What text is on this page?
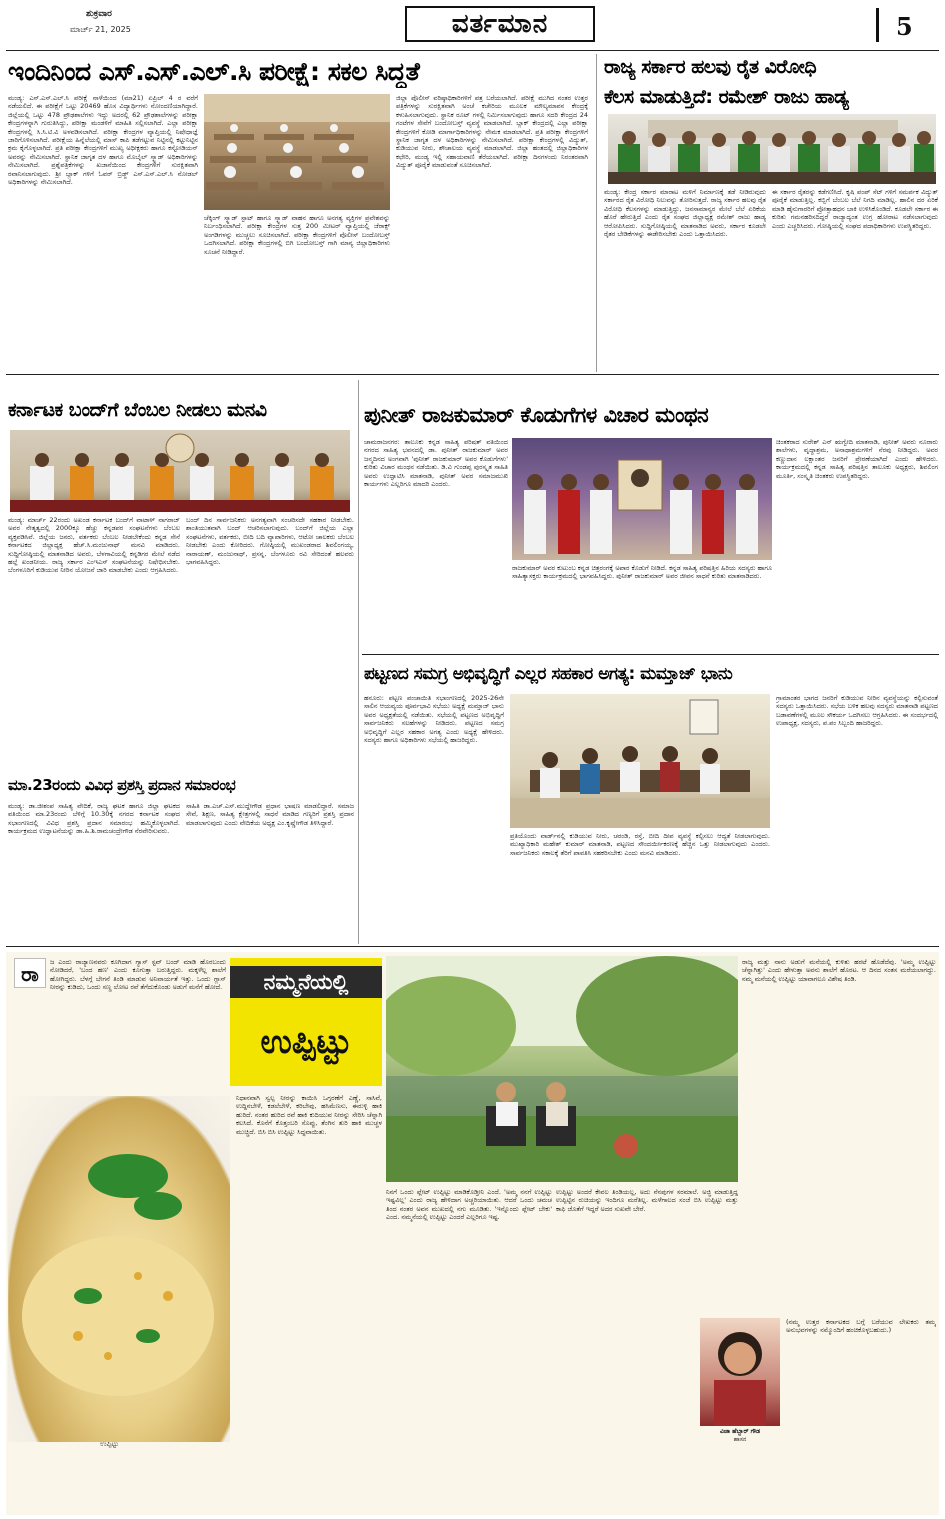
ಶುಕ್ರವಾರ
ಮಾರ್ಚ್ 21, 2025	ವರ್ತಮಾನ	5
ಇಂದಿನಿಂದ ಎಸ್.ಎಸ್.ಎಲ್.ಸಿ ಪರೀಕ್ಷೆ: ಸಕಲ ಸಿದ್ಧತೆ
ಮಂಡ್ಯ: ಎಸ್.ಎಸ್.ಎಲ್.ಸಿ ಪರೀಕ್ಷೆ ನಾಳೆಯಿಂದ (ಮಾ21) ಏಪ್ರಿಲ್ 4 ರ ವರೆಗೆ ನಡೆಯಲಿದೆ. ಈ ಪರೀಕ್ಷೆಗೆ ಒಟ್ಟು 20469 ಹೊಸ ವಿದ್ಯಾರ್ಥಿಗಳು ನೋಂದಣಿಯಾಗಿದ್ದಾರೆ. ಜಿಲ್ಲೆಯಲ್ಲಿ ಒಟ್ಟು 478 ಪ್ರೌಢಶಾಲೆಗಳು ಇದ್ದು ಅದರಲ್ಲಿ 62 ಪ್ರೌಢಶಾಲೆಗಳನ್ನು ಪರೀಕ್ಷಾ ಕೇಂದ್ರಗಳನ್ನಾಗಿ ಗುರುತಿಸಿದ್ದು, ಪರೀಕ್ಷಾ ಮಂಡಳಿಗೆ ಮಾಹಿತಿ ಸಲ್ಲಿಸಲಾಗಿದೆ. ಎಲ್ಲಾ ಪರೀಕ್ಷಾ ಕೇಂದ್ರಗಳಲ್ಲಿ ಸಿ.ಸಿ.ಟಿ.ವಿ ಅಳವಡಿಸಲಾಗಿದೆ. ಪರೀಕ್ಷಾ ಕೇಂದ್ರಗಳ ವ್ಯಾಪ್ತಿಯಲ್ಲಿ ನಿಷೇಧಾಜ್ಞೆ ಜಾರಿಗೊಳಿಸಲಾಗಿದೆ. ಪರೀಕ್ಷೆಯ ಹಿನ್ನೆಲೆಯಲ್ಲಿ ಮಾಸ್ ಕಾಪಿ ತಡೆಗಟ್ಟುವ ನಿಟ್ಟಿನಲ್ಲಿ ಕಟ್ಟುನಿಟ್ಟಿನ ಕ್ರಮ ಕೈಗೊಳ್ಳಲಾಗಿದೆ. ಪ್ರತಿ ಪರೀಕ್ಷಾ ಕೇಂದ್ರಗಳಿಗೆ ಮುಖ್ಯ ಅಧೀಕ್ಷಕರು ಹಾಗೂ ಕಸ್ಟೋಡಿಯನ್ ಅವರನ್ನು ನೇಮಿಸಲಾಗಿದೆ. ಸ್ಥಾನಿಕ ಜಾಗೃತ ದಳ ಹಾಗೂ ಮೊಬೈಲ್ ಸ್ಕ್ವಾಡ್ ಅಧಿಕಾರಿಗಳನ್ನು ನೇಮಿಸಲಾಗಿದೆ. ಪ್ರಶ್ನೆಪತ್ರಿಕೆಗಳನ್ನು ಖಜಾನೆಯಿಂದ ಕೇಂದ್ರಗಳಿಗೆ ಸುರಕ್ಷಿತವಾಗಿ ರವಾನಿಸಲಾಗುವುದು. ಶ್ರೀ ಬ್ಲಾಕ್ ಗಳಿಗೆ ಓವರ್ ಬ್ರಿಡ್ಜ್ ಎಸ್.ಎಸ್.ಎಲ್.ಸಿ ನೋಡಲ್ ಅಧಿಕಾರಿಗಳನ್ನು ನೇಮಿಸಲಾಗಿದೆ.
ಜಿಲ್ಲಾ ಪೊಲೀಸ್ ವರಿಷ್ಠಾಧಿಕಾರಿಗಳಿಗೆ ಪತ್ರ ಬರೆಯಲಾಗಿದೆ. ಪರೀಕ್ಷೆ ಮುಗಿದ ನಂತರ ಉತ್ತರ ಪತ್ರಿಕೆಗಳನ್ನು ಸುರಕ್ಷಿತವಾಗಿ ಅಂಚೆ ಕಚೇರಿಯ ಮೂಲಕ ಮೌಲ್ಯಮಾಪನ ಕೇಂದ್ರಕ್ಕೆ ಕಳುಹಿಸಲಾಗುವುದು. ಸ್ಥಾನಿಕ ರೂಟ್ ಗಳಲ್ಲಿ ನಿರ್ಮಿಸಲಾಗುವುದು ಹಾಗೂ ಸದರಿ ಕೇಂದ್ರದ 24 ಗಂಟೆಗಳ ಸೇವೆಗೆ ಬಂದೋಬಸ್ತ್ ವ್ಯವಸ್ಥೆ ಮಾಡಲಾಗಿದೆ. ಬ್ಲಾಕ್ ಕೇಂದ್ರದಲ್ಲಿ ಎಲ್ಲಾ ಪರೀಕ್ಷಾ ಕೇಂದ್ರಗಳಿಗೆ ಕೋಡಿ ಮಾರ್ಗಾಧಿಕಾರಿಗಳನ್ನು ನೇಮಕ ಮಾಡಲಾಗಿದೆ. ಪ್ರತಿ ಪರೀಕ್ಷಾ ಕೇಂದ್ರಗಳಿಗೆ ಸ್ಥಾನಿಕ ಜಾಗೃತ ದಳ ಅಧಿಕಾರಿಗಳನ್ನು ನೇಮಿಸಲಾಗಿದೆ. ಪರೀಕ್ಷಾ ಕೇಂದ್ರಗಳಲ್ಲಿ ವಿದ್ಯುತ್, ಕುಡಿಯುವ ನೀರು, ಶೌಚಾಲಯ ವ್ಯವಸ್ಥೆ ಮಾಡಲಾಗಿದೆ. ಜಿಲ್ಲಾ ಹಂತದಲ್ಲಿ ಜಿಲ್ಲಾಧಿಕಾರಿಗಳ ಕಛೇರಿ, ಮಂಡ್ಯ ಇಲ್ಲಿ ಸಹಾಯವಾಣಿ ತೆರೆಯಲಾಗಿದೆ. ಪರೀಕ್ಷಾ ದಿನಗಳಂದು ನಿರಂತರವಾಗಿ ವಿದ್ಯುತ್ ಪೂರೈಕೆ ಮಾಡುವಂತೆ ಸೂಚಿಸಲಾಗಿದೆ.
ಚೆಕ್ಕಿಂಗ್ ಸ್ಕ್ವಾಡ್ ಸ್ಪಾಟ್ ಹಾಗೂ ಸ್ಕ್ವಾಡ್ ವಾಹನ ಹಾಗೂ ಅನಗತ್ಯ ವ್ಯಕ್ತಿಗಳ ಪ್ರವೇಶವನ್ನು ನಿರ್ಬಂಧಿಸಲಾಗಿದೆ. ಪರೀಕ್ಷಾ ಕೇಂದ್ರಗಳ ಸುತ್ತ 200 ಮೀಟರ್ ವ್ಯಾಪ್ತಿಯಲ್ಲಿ ಜೆರಾಕ್ಸ್ ಅಂಗಡಿಗಳನ್ನು ಮುಚ್ಚಲು ಸೂಚಿಸಲಾಗಿದೆ. ಪರೀಕ್ಷಾ ಕೇಂದ್ರಗಳಿಗೆ ಪೊಲೀಸ್ ಬಂದೋಬಸ್ತ್ ಒದಗಿಸಲಾಗಿದೆ. ಪರೀಕ್ಷಾ ಕೇಂದ್ರಗಳಲ್ಲಿ ಬಿಗಿ ಬಂದೋಬಸ್ತ್ ಗಾಗಿ ಮಾನ್ಯ ಜಿಲ್ಲಾಧಿಕಾರಿಗಳು ಸೂಚನೆ ನೀಡಿದ್ದಾರೆ.
ರಾಜ್ಯ ಸರ್ಕಾರ ಹಲವು ರೈತ ವಿರೋಧಿ
ಕೆಲಸ ಮಾಡುತ್ತಿದೆ: ರಮೇಶ್ ರಾಜು ಹಾಡ್ಯ
ಮಂಡ್ಯ: ಕೇಂದ್ರ ಸರ್ಕಾರ ಮಾರಾಟ ಮಳಿಗೆ ನಿರ್ಮಾಣಕ್ಕೆ ತಡೆ ನೀಡಿರುವುದು ಸರ್ಕಾರದ ರೈತ ವಿರೋಧಿ ನಿಲುವನ್ನು ತೋರಿಸುತ್ತದೆ. ರಾಜ್ಯ ಸರ್ಕಾರ ಹಲವು ರೈತ ವಿರೋಧಿ ಕೆಲಸಗಳನ್ನು ಮಾಡುತ್ತಿದ್ದು, ಜನಸಾಮಾನ್ಯರ ಮೇಲೆ ಬೆಲೆ ಏರಿಕೆಯ ಹೊರೆ ಹೇರುತ್ತಿದೆ ಎಂದು ರೈತ ಸಂಘದ ಜಿಲ್ಲಾಧ್ಯಕ್ಷ ರಮೇಶ್ ರಾಜು ಹಾಡ್ಯ ಆರೋಪಿಸಿದರು. ಸುದ್ದಿಗೋಷ್ಠಿಯಲ್ಲಿ ಮಾತನಾಡಿದ ಅವರು, ಸರ್ಕಾರ ಕೂಡಲೇ ರೈತರ ಬೇಡಿಕೆಗಳನ್ನು ಈಡೇರಿಸಬೇಕು ಎಂದು ಒತ್ತಾಯಿಸಿದರು.
ಈ ಸರ್ಕಾರ ರೈತರನ್ನು ಕಡೆಗಣಿಸಿದೆ. ಕೃಷಿ ಪಂಪ್ ಸೆಟ್ ಗಳಿಗೆ ಸಮರ್ಪಕ ವಿದ್ಯುತ್ ಪೂರೈಕೆ ಮಾಡುತ್ತಿಲ್ಲ. ಕಬ್ಬಿಗೆ ಬೆಂಬಲ ಬೆಲೆ ನಿಗದಿ ಮಾಡಿಲ್ಲ. ಹಾಲಿನ ದರ ಏರಿಕೆ ಮಾಡಿ ಹೈನುಗಾರರಿಗೆ ಪ್ರೋತ್ಸಾಹಧನ ಬಾಕಿ ಉಳಿಸಿಕೊಂಡಿದೆ. ಕೂಡಲೇ ಸರ್ಕಾರ ಈ ಕುರಿತು ಗಮನಹರಿಸದಿದ್ದರೆ ರಾಜ್ಯಾದ್ಯಂತ ಉಗ್ರ ಹೋರಾಟ ನಡೆಸಲಾಗುವುದು ಎಂದು ಎಚ್ಚರಿಸಿದರು. ಗೋಷ್ಠಿಯಲ್ಲಿ ಸಂಘದ ಪದಾಧಿಕಾರಿಗಳು ಉಪಸ್ಥಿತರಿದ್ದರು.
ಕರ್ನಾಟಕ ಬಂದ್‌ಗೆ ಬೆಂಬಲ ನೀಡಲು ಮನವಿ
ಮಂಡ್ಯ: ಮಾರ್ಚ್ 22ರಂದು ಅಖಂಡ ಕರ್ನಾಟಕ ಬಂದ್‌ಗೆ ವಾಟಾಳ್ ನಾಗರಾಜ್ ಅವರ ನೇತೃತ್ವದಲ್ಲಿ 2000ಕ್ಕೂ ಹೆಚ್ಚು ಕನ್ನಡಪರ ಸಂಘಟನೆಗಳು ಬೆಂಬಲ ವ್ಯಕ್ತಪಡಿಸಿವೆ. ಜಿಲ್ಲೆಯ ಜನರು, ವರ್ತಕರು ಬೆಂಬಲ ನೀಡಬೇಕೆಂದು ಕನ್ನಡ ಸೇನೆ ಕರ್ನಾಟಕದ ಜಿಲ್ಲಾಧ್ಯಕ್ಷ ಹೆಚ್.ಸಿ.ಮಂಜುನಾಥ್ ಮನವಿ ಮಾಡಿದರು. ಸುದ್ದಿಗೋಷ್ಠಿಯಲ್ಲಿ ಮಾತನಾಡಿದ ಅವರು, ಬೆಳಗಾವಿಯಲ್ಲಿ ಕನ್ನಡಿಗರ ಮೇಲೆ ನಡೆದ ಹಲ್ಲೆ ಖಂಡನೀಯ. ರಾಜ್ಯ ಸರ್ಕಾರ ಎಂಇಎಸ್ ಸಂಘಟನೆಯನ್ನು ನಿಷೇಧಿಸಬೇಕು. ಬೆಂಗಳೂರಿಗೆ ಕುಡಿಯುವ ನೀರಿನ ಯೋಜನೆ ಜಾರಿ ಮಾಡಬೇಕು ಎಂದು ಆಗ್ರಹಿಸಿದರು.
ಬಂದ್ ದಿನ ಸಾರ್ವಜನಿಕರು ಅನಗತ್ಯವಾಗಿ ಸಂಚರಿಸದೇ ಸಹಕಾರ ನೀಡಬೇಕು. ಶಾಂತಿಯುತವಾಗಿ ಬಂದ್ ಆಚರಿಸಲಾಗುವುದು. ಬಂದ್‌ಗೆ ಜಿಲ್ಲೆಯ ಎಲ್ಲಾ ಸಂಘಟನೆಗಳು, ವರ್ತಕರು, ಬೀದಿ ಬದಿ ವ್ಯಾಪಾರಿಗಳು, ಆಟೋ ಚಾಲಕರು ಬೆಂಬಲ ನೀಡಬೇಕು ಎಂದು ಕೋರಿದರು. ಗೋಷ್ಠಿಯಲ್ಲಿ ಮುಖಂಡರಾದ ಶಿವಲಿಂಗಯ್ಯ, ನಾರಾಯಣ್, ಮಂಜುನಾಥ್, ಪ್ರಸನ್ನ, ಬೆಂಗಳೂರು ರವಿ ಸೇರಿದಂತೆ ಹಲವರು ಭಾಗವಹಿಸಿದ್ದರು.
ಮಾ.23ರಂದು ವಿವಿಧ ಪ್ರಶಸ್ತಿ ಪ್ರದಾನ ಸಮಾರಂಭ
ಮಂಡ್ಯ: ಡಾ.ಜೀಶಂಪ ಸಾಹಿತ್ಯ ವೇದಿಕೆ, ರಾಜ್ಯ ಘಟಕ ಹಾಗೂ ಜಿಲ್ಲಾ ಘಟಕದ ವತಿಯಿಂದ ಮಾ.23ರಂದು ಬೆಳಿಗ್ಗೆ 10.30ಕ್ಕೆ ನಗರದ ಕರ್ನಾಟಕ ಸಂಘದ ಸಭಾಂಗಣದಲ್ಲಿ ವಿವಿಧ ಪ್ರಶಸ್ತಿ ಪ್ರದಾನ ಸಮಾರಂಭ ಹಮ್ಮಿಕೊಳ್ಳಲಾಗಿದೆ. ಕಾರ್ಯಕ್ರಮದ ಉದ್ಘಾಟನೆಯನ್ನು ಡಾ.ಹಿ.ಶಿ.ರಾಮಚಂದ್ರೇಗೌಡ ನೆರವೇರಿಸುವರು.
ಸಾಹಿತಿ ಡಾ.ಎಚ್.ಎಸ್.ಮುದ್ದೇಗೌಡ ಪ್ರಧಾನ ಭಾಷಣ ಮಾಡಲಿದ್ದಾರೆ. ಸಮಾಜ ಸೇವೆ, ಶಿಕ್ಷಣ, ಸಾಹಿತ್ಯ ಕ್ಷೇತ್ರಗಳಲ್ಲಿ ಸಾಧನೆ ಮಾಡಿದ ಗಣ್ಯರಿಗೆ ಪ್ರಶಸ್ತಿ ಪ್ರದಾನ ಮಾಡಲಾಗುವುದು ಎಂದು ವೇದಿಕೆಯ ಅಧ್ಯಕ್ಷ ಎಂ.ಕೃಷ್ಣೇಗೌಡ ತಿಳಿಸಿದ್ದಾರೆ.
ಪುನೀತ್ ರಾಜಕುಮಾರ್ ಕೊಡುಗೆಗಳ ವಿಚಾರ ಮಂಥನ
ಚಾಮರಾಜನಗರ: ತಾಲೂಕು ಕನ್ನಡ ಸಾಹಿತ್ಯ ಪರಿಷತ್ ವತಿಯಿಂದ ನಗರದ ಸಾಹಿತ್ಯ ಭವನದಲ್ಲಿ ಡಾ. ಪುನೀತ್ ರಾಜಕುಮಾರ್ ಅವರ ಜನ್ಮದಿನದ ಅಂಗವಾಗಿ 'ಪುನೀತ್ ರಾಜಕುಮಾರ್ ಅವರ ಕೊಡುಗೆಗಳು' ಕುರಿತು ವಿಚಾರ ಮಂಥನ ನಡೆಯಿತು. ಡಿ.ವಿ ಗುಂಡಪ್ಪ ಪುರಸ್ಕೃತ ಸಾಹಿತಿ ಅವರು ಉದ್ಘಾಟಿಸಿ ಮಾತನಾಡಿ, ಪುನೀತ್ ಅವರ ಸಮಾಜಮುಖಿ ಕಾರ್ಯಗಳು ಎಲ್ಲರಿಗೂ ಮಾದರಿ ಎಂದರು.
ರಾಜಕುಮಾರ್ ಅವರ ಕುಟುಂಬ ಕನ್ನಡ ಚಿತ್ರರಂಗಕ್ಕೆ ಅಪಾರ ಕೊಡುಗೆ ನೀಡಿದೆ. ಕನ್ನಡ ಸಾಹಿತ್ಯ ಪರಿಷತ್ತಿನ ಹಿರಿಯ ಸದಸ್ಯರು ಹಾಗೂ ಸಾಹಿತ್ಯಾಸಕ್ತರು ಕಾರ್ಯಕ್ರಮದಲ್ಲಿ ಭಾಗವಹಿಸಿದ್ದರು. ಪುನೀತ್ ರಾಜಕುಮಾರ್ ಅವರ ಜೀವನ ಸಾಧನೆ ಕುರಿತು ಮಾತನಾಡಿದರು.
ಚಿಂತಕರಾದ ಸುರೇಶ್ ಎನ್ ಋಗ್ವೇದಿ ಮಾತನಾಡಿ, ಪುನೀತ್ ಅವರು ನೂರಾರು ಶಾಲೆಗಳು, ವೃದ್ಧಾಶ್ರಮ, ಅನಾಥಾಶ್ರಮಗಳಿಗೆ ನೆರವು ನೀಡಿದ್ದರು. ಅವರ ಕಣ್ಣುದಾನ ಲಕ್ಷಾಂತರ ಜನರಿಗೆ ಪ್ರೇರಣೆಯಾಗಿದೆ ಎಂದು ಹೇಳಿದರು. ಕಾರ್ಯಕ್ರಮದಲ್ಲಿ ಕನ್ನಡ ಸಾಹಿತ್ಯ ಪರಿಷತ್ತಿನ ತಾಲೂಕು ಅಧ್ಯಕ್ಷರು, ಶಿವಲಿಂಗ ಮೂರ್ತಿ, ಸಂಸ್ಕೃತಿ ಚಿಂತಕರು ಉಪಸ್ಥಿತರಿದ್ದರು.
ಪಟ್ಟಣದ ಸಮಗ್ರ ಅಭಿವೃದ್ಧಿಗೆ ಎಲ್ಲರ ಸಹಕಾರ ಅಗತ್ಯ: ಮಮ್ತಾಜ್ ಭಾನು
ಹನೂರು: ಪಟ್ಟಣ ಪಂಚಾಯಿತಿ ಸಭಾಂಗಣದಲ್ಲಿ 2025-26ನೇ ಸಾಲಿನ ಆಯವ್ಯಯ ಪೂರ್ವಭಾವಿ ಸಭೆಯು ಅಧ್ಯಕ್ಷೆ ಮಮ್ತಾಜ್ ಭಾನು ಅವರ ಅಧ್ಯಕ್ಷತೆಯಲ್ಲಿ ನಡೆಯಿತು. ಸಭೆಯಲ್ಲಿ ಪಟ್ಟಣದ ಅಭಿವೃದ್ಧಿಗೆ ಸಾರ್ವಜನಿಕರು ಸಲಹೆಗಳನ್ನು ನೀಡಿದರು. ಪಟ್ಟಣದ ಸಮಗ್ರ ಅಭಿವೃದ್ಧಿಗೆ ಎಲ್ಲರ ಸಹಕಾರ ಅಗತ್ಯ ಎಂದು ಅಧ್ಯಕ್ಷೆ ಹೇಳಿದರು. ಸದಸ್ಯರು ಹಾಗೂ ಅಧಿಕಾರಿಗಳು ಸಭೆಯಲ್ಲಿ ಹಾಜರಿದ್ದರು.
ಪ್ರತಿಯೊಂದು ವಾರ್ಡ್‌ನಲ್ಲಿ ಕುಡಿಯುವ ನೀರು, ಚರಂಡಿ, ರಸ್ತೆ, ಬೀದಿ ದೀಪ ವ್ಯವಸ್ಥೆ ಕಲ್ಪಿಸಲು ಆದ್ಯತೆ ನೀಡಲಾಗುವುದು. ಮುಖ್ಯಾಧಿಕಾರಿ ಮಹೇಶ್ ಕುಮಾರ್ ಮಾತನಾಡಿ, ಪಟ್ಟಣದ ಸೌಂದರ್ಯೀಕರಣಕ್ಕೆ ಹೆಚ್ಚಿನ ಒತ್ತು ನೀಡಲಾಗುವುದು ಎಂದರು. ಸಾರ್ವಜನಿಕರು ಸಕಾಲಕ್ಕೆ ತೆರಿಗೆ ಪಾವತಿಸಿ ಸಹಕರಿಸಬೇಕು ಎಂದು ಮನವಿ ಮಾಡಿದರು.
ಗ್ರಾಮಾಂತರ ಭಾಗದ ಜನರಿಗೆ ಕುಡಿಯುವ ನೀರಿನ ವ್ಯವಸ್ಥೆಯನ್ನು ಕಲ್ಪಿಸುವಂತೆ ಸದಸ್ಯರು ಒತ್ತಾಯಿಸಿದರು. ಸಭೆಯ ಬಳಿಕ ಹಲವು ಸದಸ್ಯರು ಮಾತನಾಡಿ ಪಟ್ಟಣದ ಬಡಾವಣೆಗಳಲ್ಲಿ ಮೂಲ ಸೌಕರ್ಯ ಒದಗಿಸಲು ಆಗ್ರಹಿಸಿದರು. ಈ ಸಂದರ್ಭದಲ್ಲಿ ಉಪಾಧ್ಯಕ್ಷ, ಸದಸ್ಯರು, ಪ.ಪಂ ಸಿಬ್ಬಂದಿ ಹಾಜರಿದ್ದರು.
ರಾ	ಜ ಎಂದು ರಾಜ್ಯಾಣನವರು ಕೂಗಿದಾಗ ಗ್ಯಾಸ್ ಸ್ಟವ್ ಬಂದ್ ಮಾಡಿ ಹೊರಬಂದು ನೋಡಿದರೆ, 'ಬಂದ ಹಣ' ಎಂದು ಕೂಗುತ್ತಾ ಬರುತ್ತಿದ್ದರು. ಮಕ್ಕಳೆಲ್ಲ ಶಾಲೆಗೆ ಹೋಗಿದ್ದರು. ಬೆಳಗ್ಗೆ ಬೇಗನೆ ತಿಂಡಿ ಮಾಡುವ ಅನಿವಾರ್ಯತೆ ಇತ್ತು. ಒಂದು ಗ್ಲಾಸ್ ನೀರನ್ನು ಕುಡಿದು, ಒಂದು ಸಣ್ಣ ಲೋಟ ರವೆ ತೆಗೆದುಕೊಂಡು ಅಡುಗೆ ಮನೆಗೆ ಹೋದೆ.	ನಮ್ಮನೆಯಲ್ಲಿ
ಉಪ್ಪಿಟ್ಟು
ರಾಜ್ಯ ಮತ್ತು ನಾನು ಅಡುಗೆ ಮನೆಯಲ್ಲಿ ಕುಳಿತು ಹರಟೆ ಹೊಡೆದೆವು. 'ಅಮ್ಮ ಉಪ್ಪಿಟ್ಟು ಚೆನ್ನಾಗಿತ್ತು' ಎಂದು ಹೇಳುತ್ತಾ ಅವನು ಶಾಲೆಗೆ ಹೊರಟ. ಆ ದಿನದ ಸಂತಸ ಮರೆಯಲಾಗದ್ದು. ನಮ್ಮ ಮನೆಯಲ್ಲಿ ಉಪ್ಪಿಟ್ಟು ಯಾವಾಗಲೂ ವಿಶೇಷ ತಿಂಡಿ.
ಉಪ್ಪಿಟ್ಟು
ನಿಧಾನವಾಗಿ ಸ್ವಲ್ಪ ನೀರನ್ನು ಕಾಯಿಸಿ ಒಗ್ಗರಣೆಗೆ ಎಣ್ಣೆ, ಸಾಸಿವೆ, ಉದ್ದಿನಬೇಳೆ, ಕಡಲೆಬೇಳೆ, ಕರಿಬೇವು, ಹಸಿಮೆಣಸು, ಈರುಳ್ಳಿ ಹಾಕಿ ಹುರಿದೆ. ನಂತರ ಹುರಿದ ರವೆ ಹಾಕಿ ಕುದಿಯುವ ನೀರನ್ನು ಸೇರಿಸಿ ಚೆನ್ನಾಗಿ ಕಲಸಿದೆ. ಕೊನೆಗೆ ಕೊತ್ತಂಬರಿ ಸೊಪ್ಪು, ತೆಂಗಿನ ತುರಿ ಹಾಕಿ ಮುಚ್ಚಳ ಮುಚ್ಚಿದೆ. ಬಿಸಿ ಬಿಸಿ ಉಪ್ಪಿಟ್ಟು ಸಿದ್ಧವಾಯಿತು.
ನಿನಗೆ ಒಂದು ಪ್ಲೇಟ್ ಉಪ್ಪಿಟ್ಟು ಮಾಡಿಕೊಡ್ತೀನಿ ಎಂದೆ. 'ಅಮ್ಮ ನನಗೆ ಉಪ್ಪಿಟ್ಟು ಇಷ್ಟವಿಲ್ಲ' ಎಂದು ರಾಜ್ಯ ಹೇಳಿದಾಗ ಅಚ್ಚರಿಯಾಯಿತು. ಆದರೆ ಒಂದು ಚಮಚ ತಿಂದ ನಂತರ ಅವನ ಮುಖದಲ್ಲಿ ನಗು ಮೂಡಿತು. 'ಇನ್ನೊಂದು ಪ್ಲೇಟ್ ಬೇಕು' ಎಂದ. ನಮ್ಮನೆಯಲ್ಲಿ ಉಪ್ಪಿಟ್ಟು ಎಂದರೆ ಎಲ್ಲರಿಗೂ ಇಷ್ಟ.
ಉಪ್ಪಿಟ್ಟು ಅಂದರೆ ಕೇವಲ ತಿಂಡಿಯಲ್ಲ, ಅದು ನೆನಪುಗಳ ಸರಮಾಲೆ. ಅಜ್ಜಿ ಮಾಡುತ್ತಿದ್ದ ಉಪ್ಪಿಟ್ಟಿನ ರುಚಿಯನ್ನು ಇಂದಿಗೂ ಮರೆತಿಲ್ಲ. ಮಳೆಗಾಲದ ಸಂಜೆ ಬಿಸಿ ಉಪ್ಪಿಟ್ಟು ಮತ್ತು ಕಾಫಿ ಜೊತೆಗೆ ಇದ್ದರೆ ಅದರ ಸುಖವೇ ಬೇರೆ.
ವಿಜಾ ಹೆಬ್ಬಾರ್ ಗೌಡ
ಹಾಸನ
(ನಮ್ಮ ಉತ್ತರ ಕರ್ನಾಟಕದ ಬಗ್ಗೆ ಬರೆಯುವ ಲೇಖಕರು ತಮ್ಮ ಅನುಭವಗಳನ್ನು ನಮ್ಮೊಂದಿಗೆ ಹಂಚಿಕೊಳ್ಳಬಹುದು.)
